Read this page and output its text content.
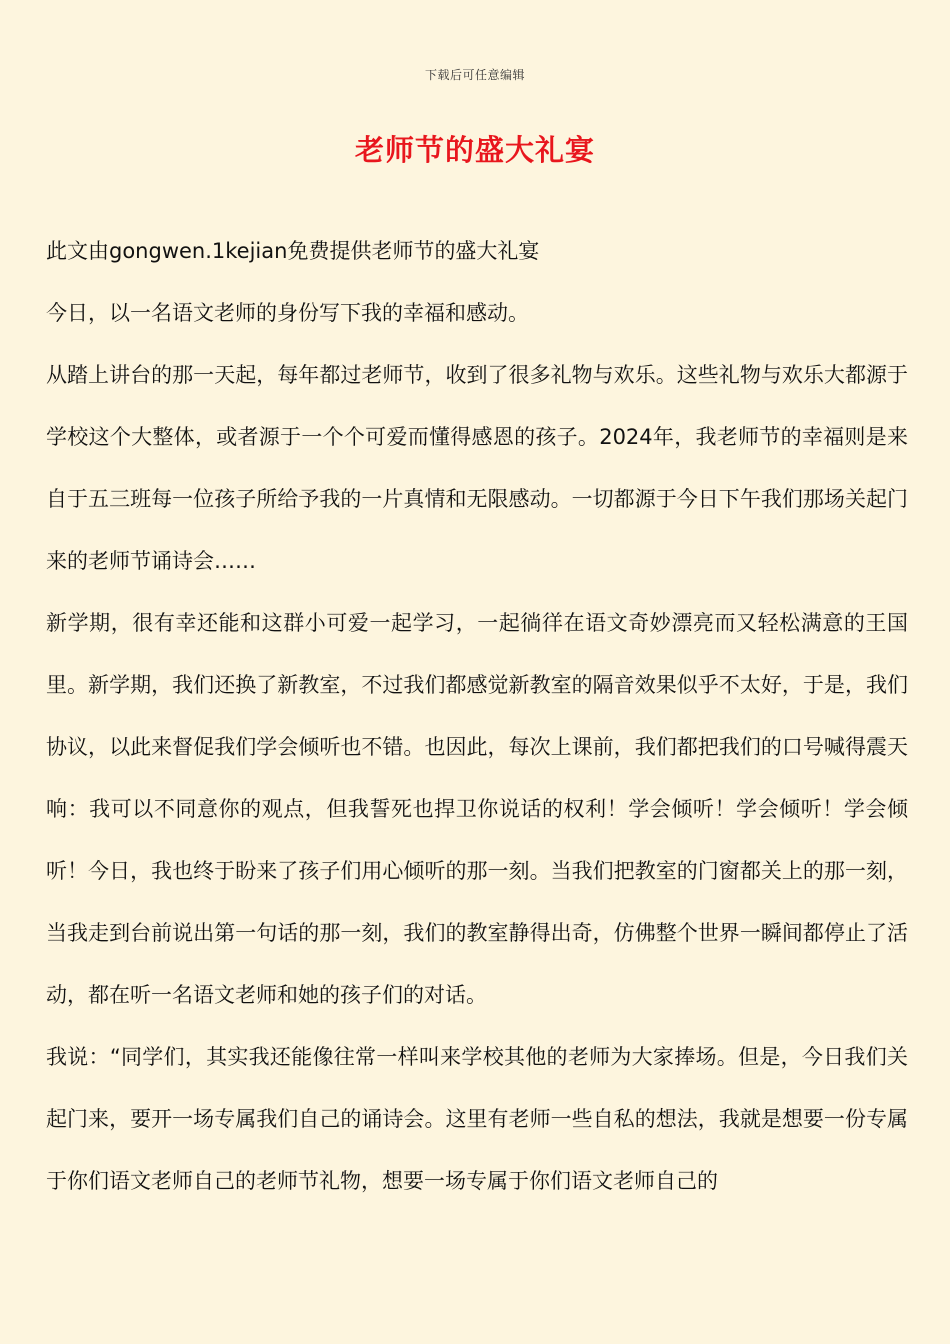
下载后可任意编辑
老师节的盛大礼宴

此文由gongwen.1kejian免费提供老师节的盛大礼宴

今日，以一名语文老师的身份写下我的幸福和感动。

从踏上讲台的那一天起，每年都过老师节，收到了很多礼物与欢乐。这些礼物与欢乐大都源于学校这个大整体，或者源于一个个可爱而懂得感恩的孩子。2024年，我老师节的幸福则是来自于五三班每一位孩子所给予我的一片真情和无限感动。一切都源于今日下午我们那场关起门来的老师节诵诗会……

新学期，很有幸还能和这群小可爱一起学习，一起徜徉在语文奇妙漂亮而又轻松满意的王国里。新学期，我们还换了新教室，不过我们都感觉新教室的隔音效果似乎不太好，于是，我们协议，以此来督促我们学会倾听也不错。也因此，每次上课前，我们都把我们的口号喊得震天响：我可以不同意你的观点，但我誓死也捍卫你说话的权利！学会倾听！学会倾听！学会倾听！今日，我也终于盼来了孩子们用心倾听的那一刻。当我们把教室的门窗都关上的那一刻，当我走到台前说出第一句话的那一刻，我们的教室静得出奇，仿佛整个世界一瞬间都停止了活动，都在听一名语文老师和她的孩子们的对话。

我说：“同学们，其实我还能像往常一样叫来学校其他的老师为大家捧场。但是，今日我们关起门来，要开一场专属我们自己的诵诗会。这里有老师一些自私的想法，我就是想要一份专属于你们语文老师自己的老师节礼物，想要一场专属于你们语文老师自己的
